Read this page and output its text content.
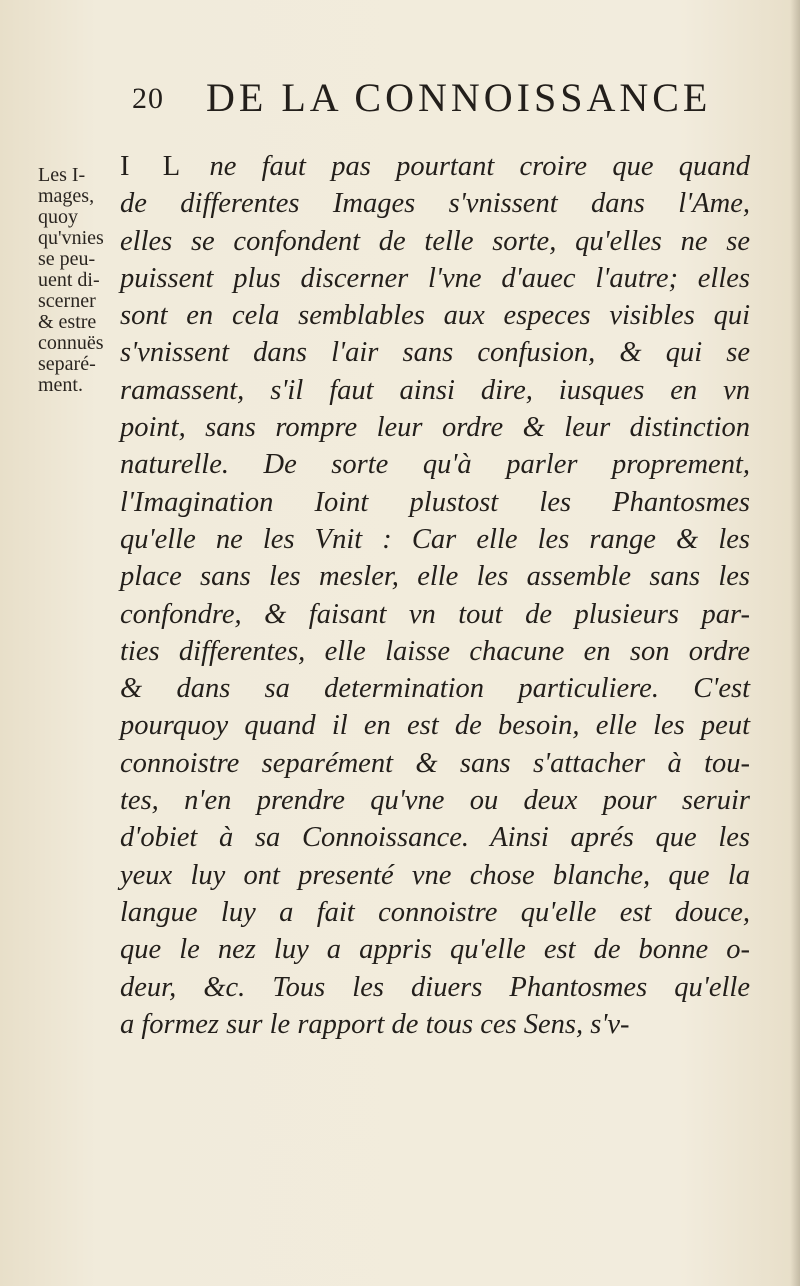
20 DE LA CONNOISSANCE
Les I-
mages,
quoy
qu'vnies
se peu-
uent di-
scerner
& estre
connuës
separé-
ment.
I L ne faut pas pourtant croire que quand
de differentes Images s'vnissent dans l'Ame,
elles se confondent de telle sorte, qu'elles ne se
puissent plus discerner l'vne d'auec l'autre; elles
sont en cela semblables aux especes visibles qui
s'vnissent dans l'air sans confusion, & qui se
ramassent, s'il faut ainsi dire, iusques en vn
point, sans rompre leur ordre & leur distinction
naturelle. De sorte qu'à parler proprement,
l'Imagination Ioint plustost les Phantosmes
qu'elle ne les Vnit : Car elle les range & les
place sans les mesler, elle les assemble sans les
confondre, & faisant vn tout de plusieurs par-
ties differentes, elle laisse chacune en son ordre
& dans sa determination particuliere. C'est
pourquoy quand il en est de besoin, elle les peut
connoistre separément & sans s'attacher à tou-
tes, n'en prendre qu'vne ou deux pour seruir
d'obiet à sa Connoissance. Ainsi aprés que les
yeux luy ont presenté vne chose blanche, que la
langue luy a fait connoistre qu'elle est douce,
que le nez luy a appris qu'elle est de bonne o-
deur, &c. Tous les diuers Phantosmes qu'elle
a formez sur le rapport de tous ces Sens, s'v-
